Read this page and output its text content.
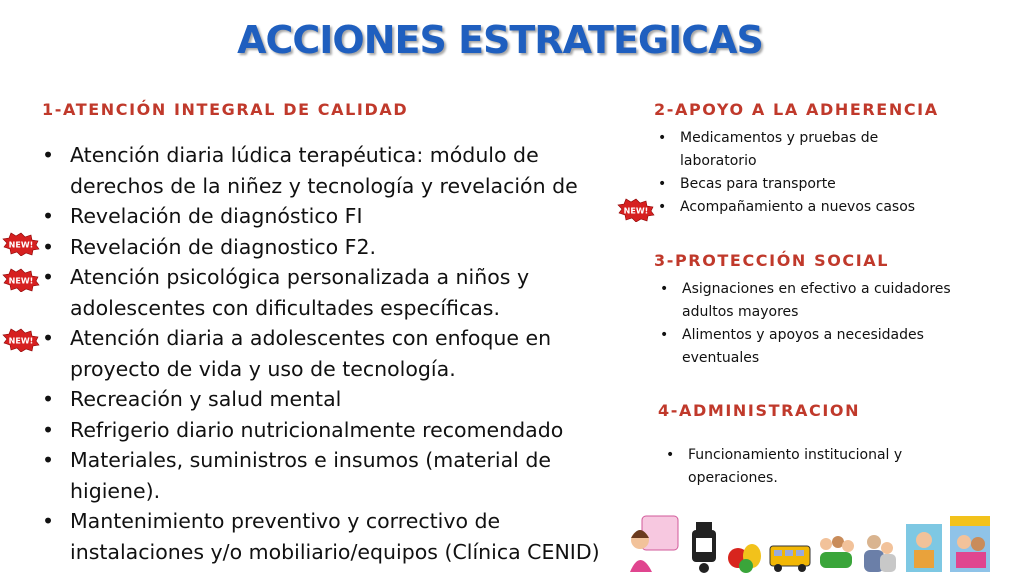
ACCIONES ESTRATEGICAS
1-ATENCIÓN INTEGRAL DE CALIDAD
• Atención diaria lúdica terapéutica: módulo de derechos de la niñez y tecnología y revelación de
• Revelación de diagnóstico FI
• Revelación de diagnostico F2.
• Atención psicológica personalizada a niños y adolescentes con dificultades específicas.
• Atención diaria a adolescentes con enfoque en proyecto de vida y uso de tecnología.
• Recreación y salud mental
• Refrigerio diario nutricionalmente recomendado
• Materiales, suministros e insumos (material de higiene).
• Mantenimiento preventivo y correctivo de instalaciones y/o mobiliario/equipos (Clínica CENID)
NEW!
NEW!
NEW!
2-APOYO A LA ADHERENCIA
• Medicamentos y pruebas de laboratorio
• Becas para transporte
• Acompañamiento a nuevos casos
NEW!
3-PROTECCIÓN SOCIAL
• Asignaciones en efectivo a cuidadores adultos mayores
• Alimentos y apoyos a necesidades eventuales
4-ADMINISTRACION
• Funcionamiento institucional y operaciones.
